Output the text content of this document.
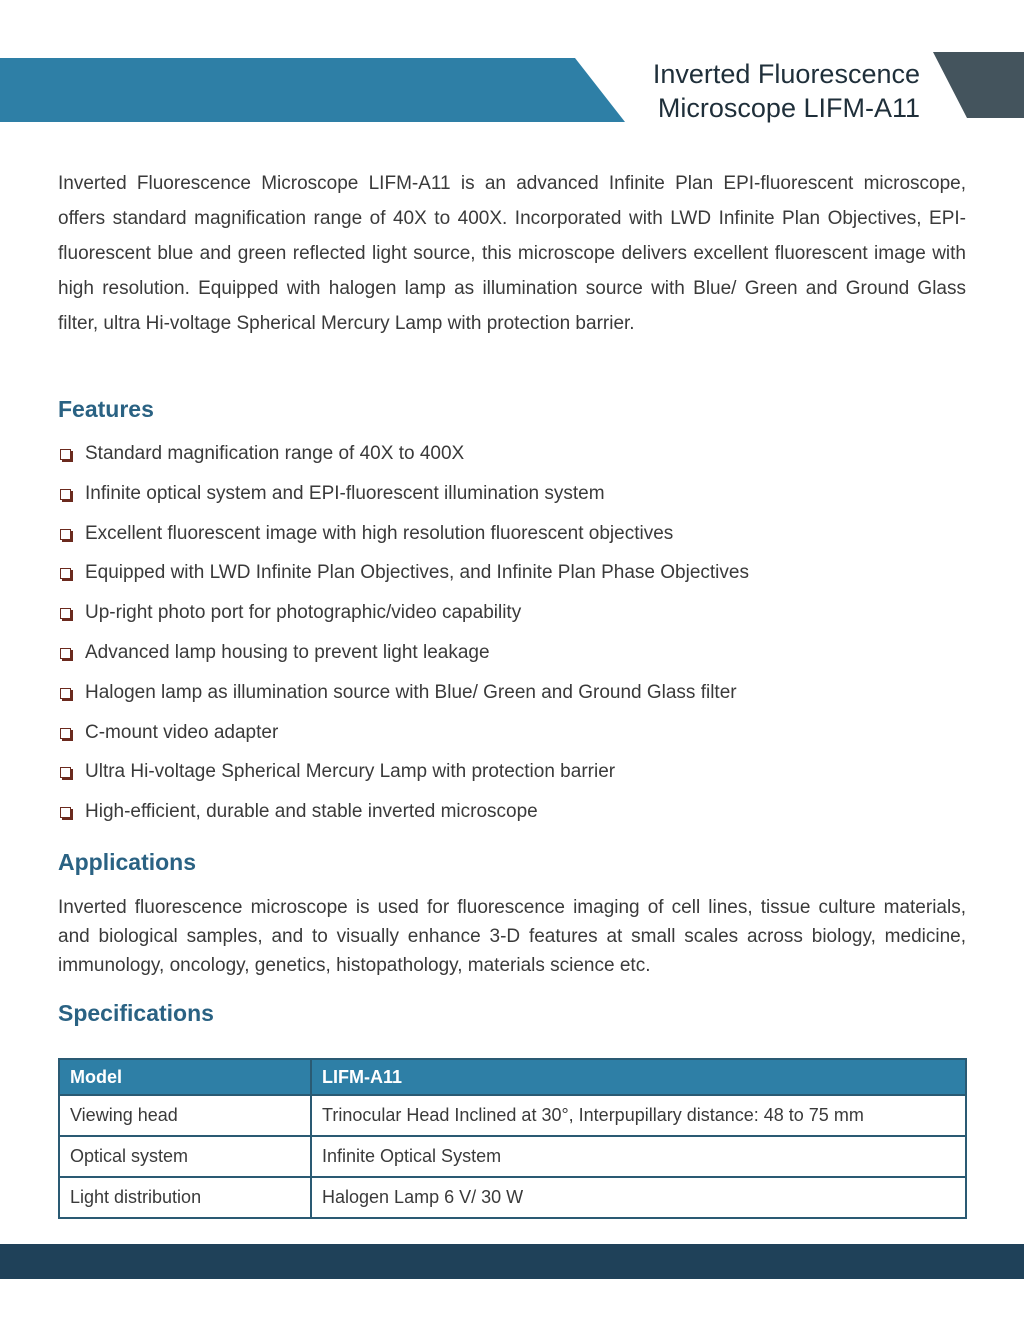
Inverted Fluorescence
Microscope LIFM-A11

Inverted Fluorescence Microscope LIFM-A11 is an advanced Infinite Plan EPI-fluorescent microscope, offers standard magnification range of 40X to 400X. Incorporated with LWD Infinite Plan Objectives, EPI-fluorescent blue and green reflected light source, this microscope delivers excellent fluorescent image with high resolution. Equipped with halogen lamp as illumination source with Blue/ Green and Ground Glass filter, ultra Hi-voltage Spherical Mercury Lamp with protection barrier.

Features
Standard magnification range of 40X to 400X
Infinite optical system and EPI-fluorescent illumination system
Excellent fluorescent image with high resolution fluorescent objectives
Equipped with LWD Infinite Plan Objectives, and Infinite Plan Phase Objectives
Up-right photo port for photographic/video capability
Advanced lamp housing to prevent light leakage
Halogen lamp as illumination source with Blue/ Green and Ground Glass filter
C-mount video adapter
Ultra Hi-voltage Spherical Mercury Lamp with protection barrier
High-efficient, durable and stable inverted microscope
Applications

Inverted fluorescence microscope is used for fluorescence imaging of cell lines, tissue culture materials, and biological samples, and to visually enhance 3-D features at small scales across biology, medicine, immunology, oncology, genetics, histopathology, materials science etc.

Specifications
Model	LIFM-A11
Viewing head	Trinocular Head Inclined at 30°, Interpupillary distance: 48 to 75 mm
Optical system	Infinite Optical System
Light distribution	Halogen Lamp 6 V/ 30 W
